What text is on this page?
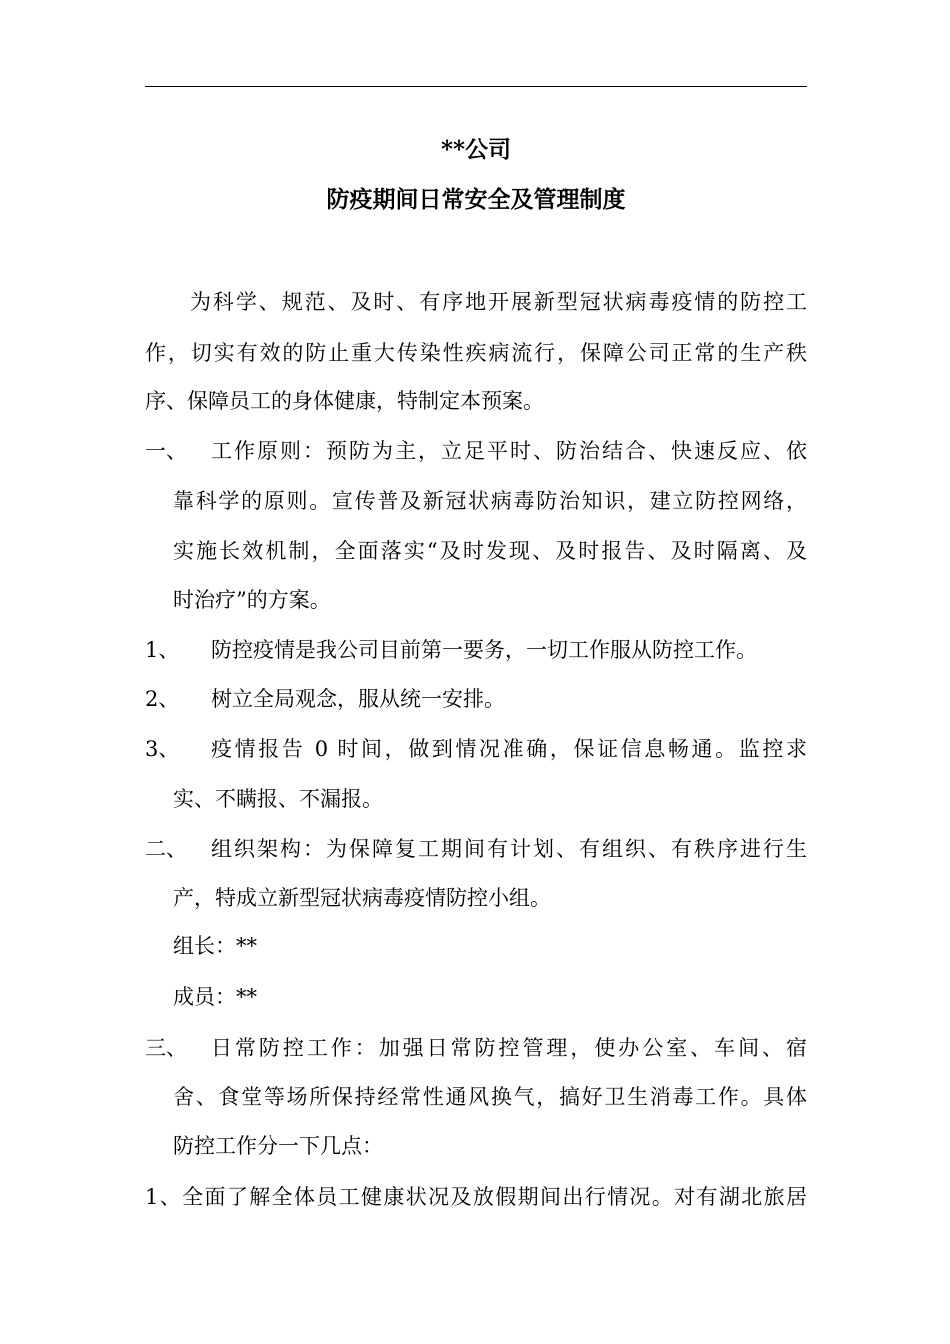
**公司
防疫期间日常安全及管理制度
为科学、规范、及时、有序地开展新型冠状病毒疫情的防控工
作，切实有效的防止重大传染性疾病流行，保障公司正常的生产秩
序、保障员工的身体健康，特制定本预案。
一、 工作原则：预防为主，立足平时、防治结合、快速反应、依
靠科学的原则。宣传普及新冠状病毒防治知识，建立防控网络，
实施长效机制，全面落实“及时发现、及时报告、及时隔离、及
时治疗”的方案。
1、 防控疫情是我公司目前第一要务，一切工作服从防控工作。
2、 树立全局观念，服从统一安排。
3、 疫情报告 0 时间，做到情况准确，保证信息畅通。监控求
实、不瞒报、不漏报。
二、 组织架构：为保障复工期间有计划、有组织、有秩序进行生
产，特成立新型冠状病毒疫情防控小组。
组长：**
成员：**
三、 日常防控工作：加强日常防控管理，使办公室、车间、宿
舍、食堂等场所保持经常性通风换气，搞好卫生消毒工作。具体
防控工作分一下几点：
1、全面了解全体员工健康状况及放假期间出行情况。对有湖北旅居
